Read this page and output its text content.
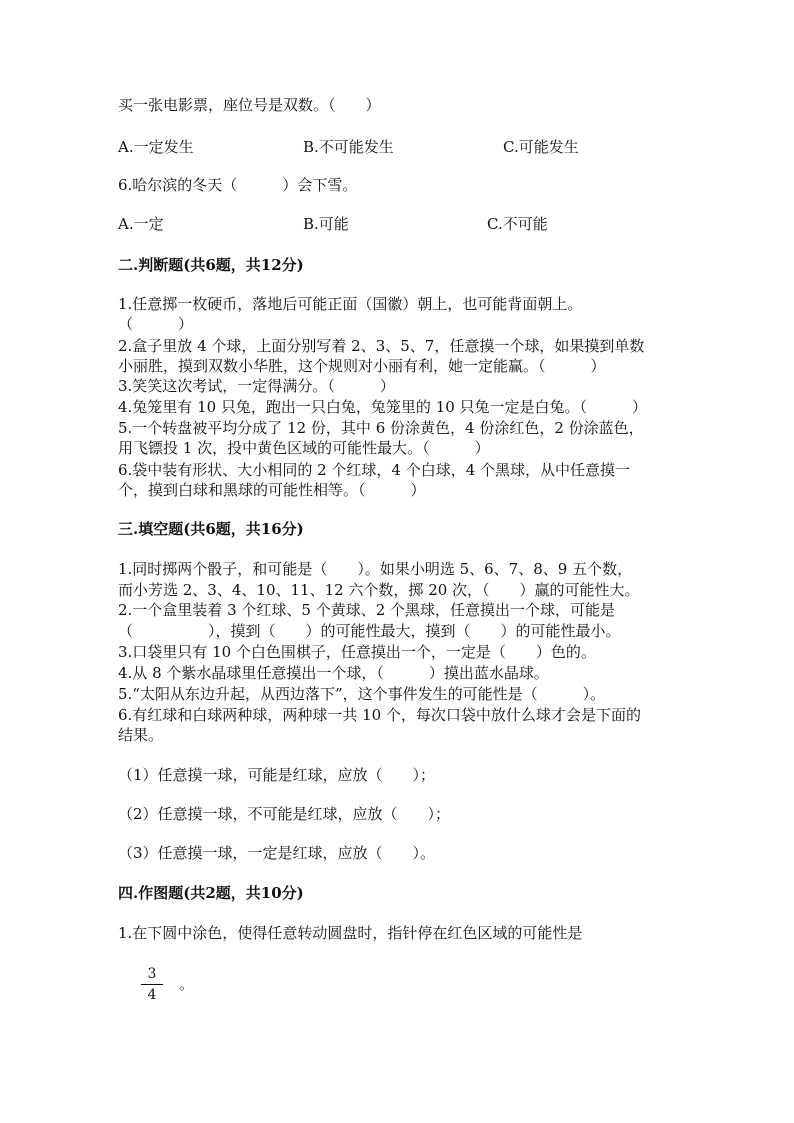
买一张电影票，座位号是双数。（　　）

A.一定发生	B.不可能发生	C.可能发生

6.哈尔滨的冬天（　　　）会下雪。

A.一定	B.可能	C.不可能

二.判断题(共6题，共12分)

1.任意掷一枚硬币，落地后可能正面（国徽）朝上，也可能背面朝上。

（　　　）

2.盒子里放 4 个球，上面分别写着 2、3、5、7，任意摸一个球，如果摸到单数

小丽胜，摸到双数小华胜，这个规则对小丽有利，她一定能赢。（　　　）

3.笑笑这次考试，一定得满分。（　　　）

4.兔笼里有 10 只兔，跑出一只白兔，兔笼里的 10 只兔一定是白兔。（　　　）

5.一个转盘被平均分成了 12 份，其中 6 份涂黄色，4 份涂红色，2 份涂蓝色，

用飞镖投 1 次，投中黄色区域的可能性最大。（　　　）

6.袋中装有形状、大小相同的 2 个红球，4 个白球，4 个黑球，从中任意摸一

个，摸到白球和黑球的可能性相等。（　　　）

三.填空题(共6题，共16分)

1.同时掷两个骰子，和可能是（　　）。如果小明选 5、6、7、8、9 五个数，

而小芳选 2、3、4、10、11、12 六个数，掷 20 次，（　　）赢的可能性大。

2.一个盒里装着 3 个红球、5 个黄球、2 个黑球，任意摸出一个球，可能是

（　　　　　），摸到（　　）的可能性最大，摸到（　　）的可能性最小。

3.口袋里只有 10 个白色围棋子，任意摸出一个，一定是（　　）色的。

4.从 8 个紫水晶球里任意摸出一个球，（　　　）摸出蓝水晶球。

5.“太阳从东边升起，从西边落下”，这个事件发生的可能性是（　　　）。

6.有红球和白球两种球，两种球一共 10 个，每次口袋中放什么球才会是下面的

结果。

（1）任意摸一球，可能是红球，应放（　　）；

（2）任意摸一球，不可能是红球，应放（　　）；

（3）任意摸一球，一定是红球，应放（　　）。

四.作图题(共2题，共10分)

1.在下圆中涂色，使得任意转动圆盘时，指针停在红色区域的可能性是

3
4
。
